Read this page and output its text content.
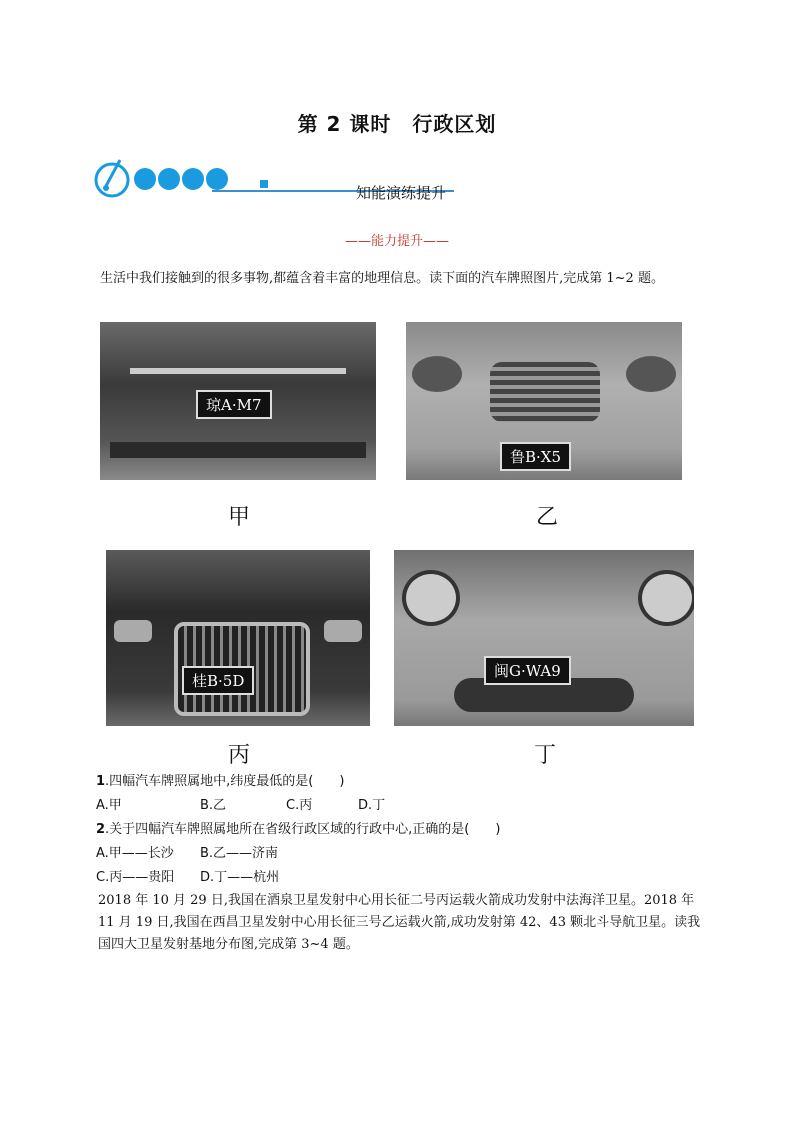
第 2 课时　行政区划
知能演练提升
——能力提升——
生活中我们接触到的很多事物,都蕴含着丰富的地理信息。读下面的汽车牌照图片,完成第 1~2 题。
琼A·M7
甲
鲁B·X5
乙
桂B·5D
丙
闽G·WA9
丁
1.四幅汽车牌照属地中,纬度最低的是(　　)
A.甲	B.乙	C.丙	D.丁
2.关于四幅汽车牌照属地所在省级行政区域的行政中心,正确的是(　　)
A.甲——长沙 B.乙——济南
C.丙——贵阳 D.丁——杭州
2018 年 10 月 29 日,我国在酒泉卫星发射中心用长征二号丙运载火箭成功发射中法海洋卫星。2018 年 11 月 19 日,我国在西昌卫星发射中心用长征三号乙运载火箭,成功发射第 42、43 颗北斗导航卫星。读我国四大卫星发射基地分布图,完成第 3~4 题。
